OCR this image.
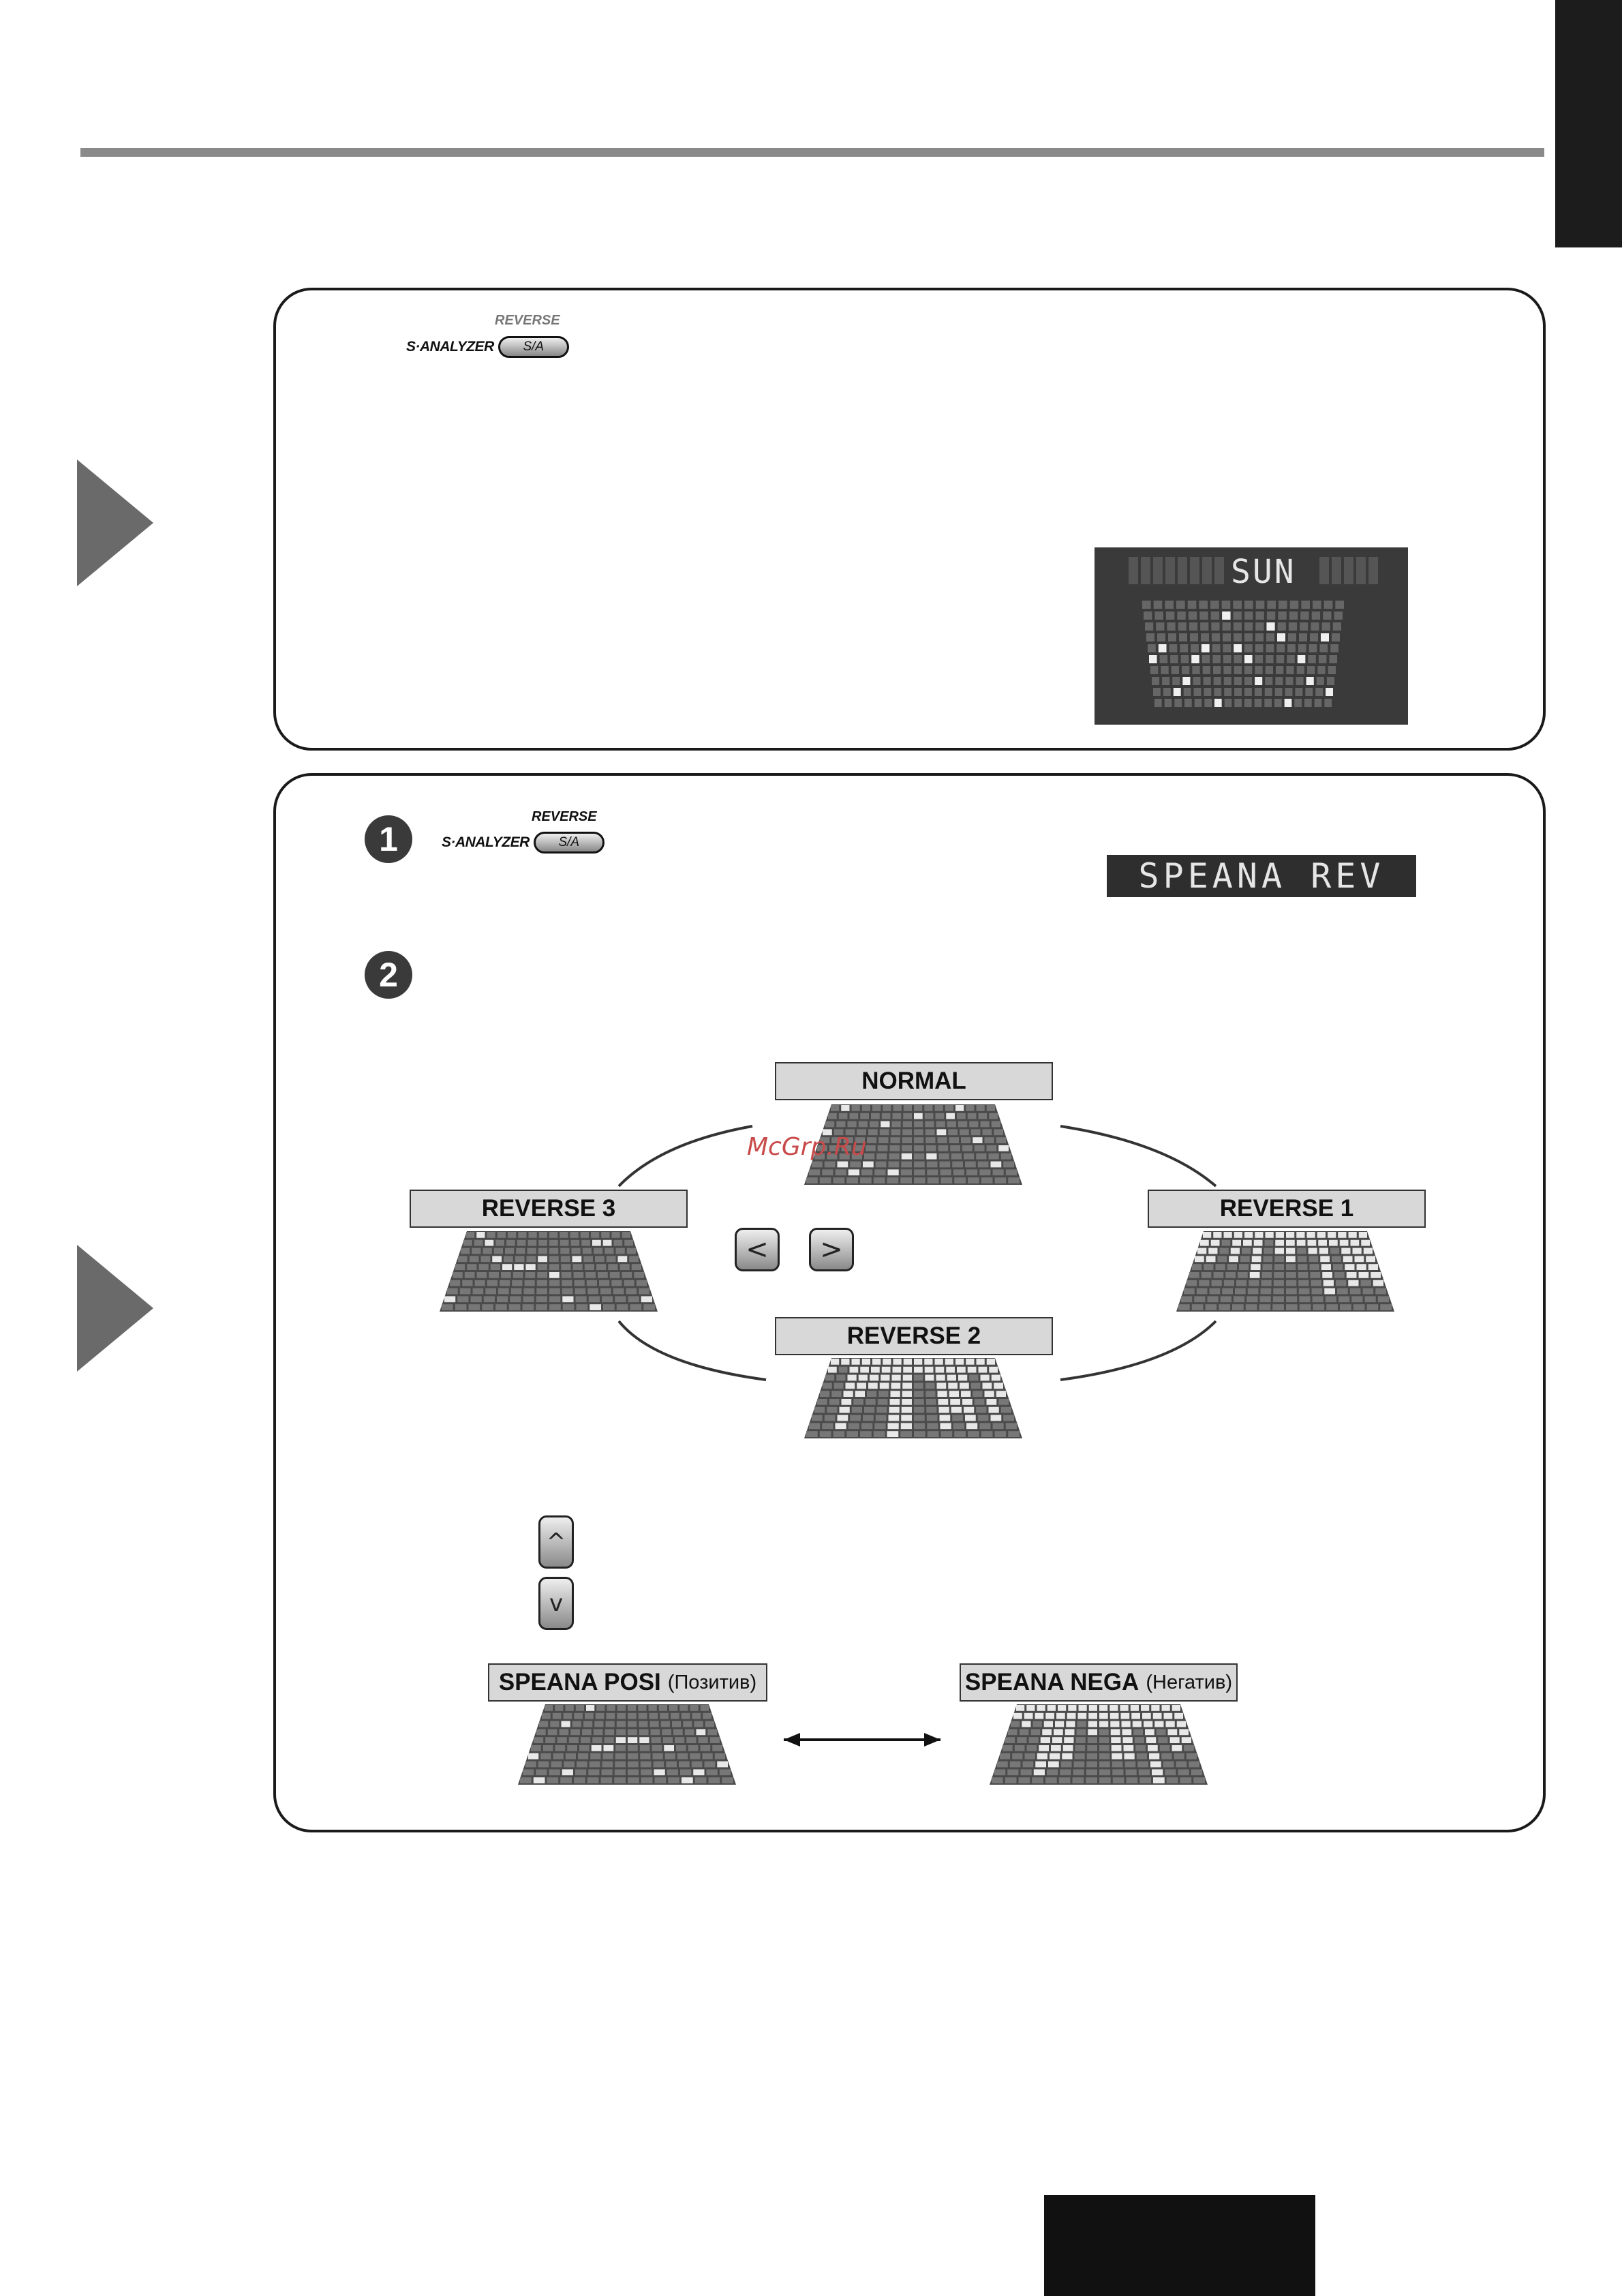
REVERSE
S·ANALYZER	S/A
SUN
1
REVERSE
S·ANALYZER	S/A
SPEANA REV
2
NORMAL
REVERSE 3	REVERSE 1
REVERSE 2
<	>
^
v
SPEANA POSI (Позитив)	SPEANA NEGA (Негатив)
McGrp.Ru
